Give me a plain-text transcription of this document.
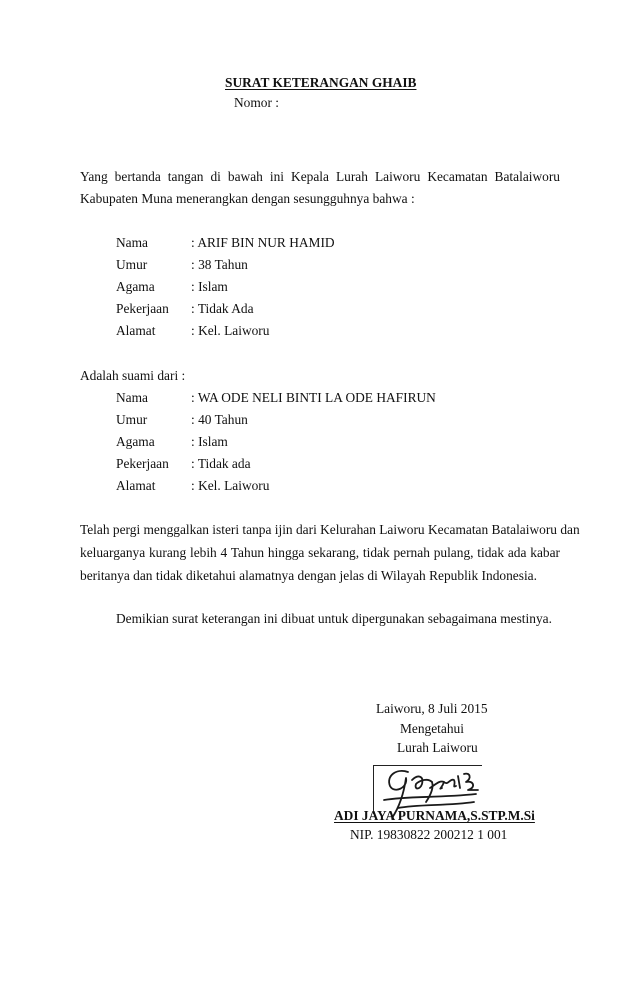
SURAT KETERANGAN GHAIB
Nomor :
Yang bertanda tangan di bawah ini Kepala Lurah Laiworu Kecamatan Batalaiworu
Kabupaten Muna menerangkan dengan sesungguhnya bahwa :
Nama	: ARIF BIN NUR HAMID
Umur	: 38 Tahun
Agama	: Islam
Pekerjaan : Tidak Ada
Alamat	: Kel. Laiworu
Adalah suami dari :
Nama	: WA ODE NELI BINTI LA ODE HAFIRUN
Umur	: 40 Tahun
Agama	: Islam
Pekerjaan : Tidak ada
Alamat	: Kel. Laiworu
Telah pergi menggalkan isteri tanpa ijin dari Kelurahan Laiworu Kecamatan Batalaiworu dan
keluarganya kurang lebih 4 Tahun hingga sekarang, tidak pernah pulang, tidak ada kabar
beritanya dan tidak diketahui alamatnya dengan jelas di Wilayah Republik Indonesia.
Demikian surat keterangan ini dibuat untuk dipergunakan sebagaimana mestinya.
Laiworu, 8 Juli 2015
Mengetahui
Lurah Laiworu
ADI JAYA PURNAMA,S.STP.M.Si
NIP. 19830822 200212 1 001
